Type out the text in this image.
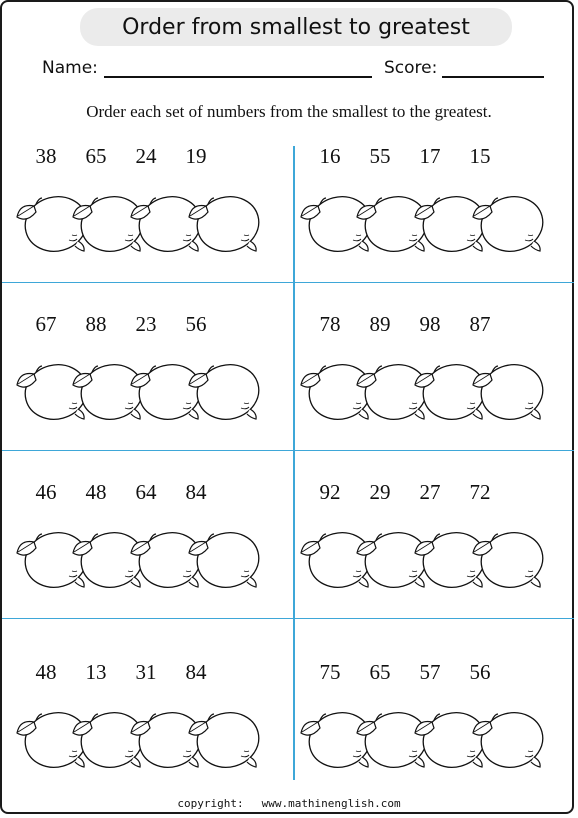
Order from smallest to greatest
Name:	Score:
Order each set of numbers from the smallest to the greatest.
38	65	24	19	16	55	17	15
67	88	23	56	78	89	98	87
46	48	64	84	92	29	27	72
48	13	31	84	75	65	57	56
copyright: www.mathinenglish.com
